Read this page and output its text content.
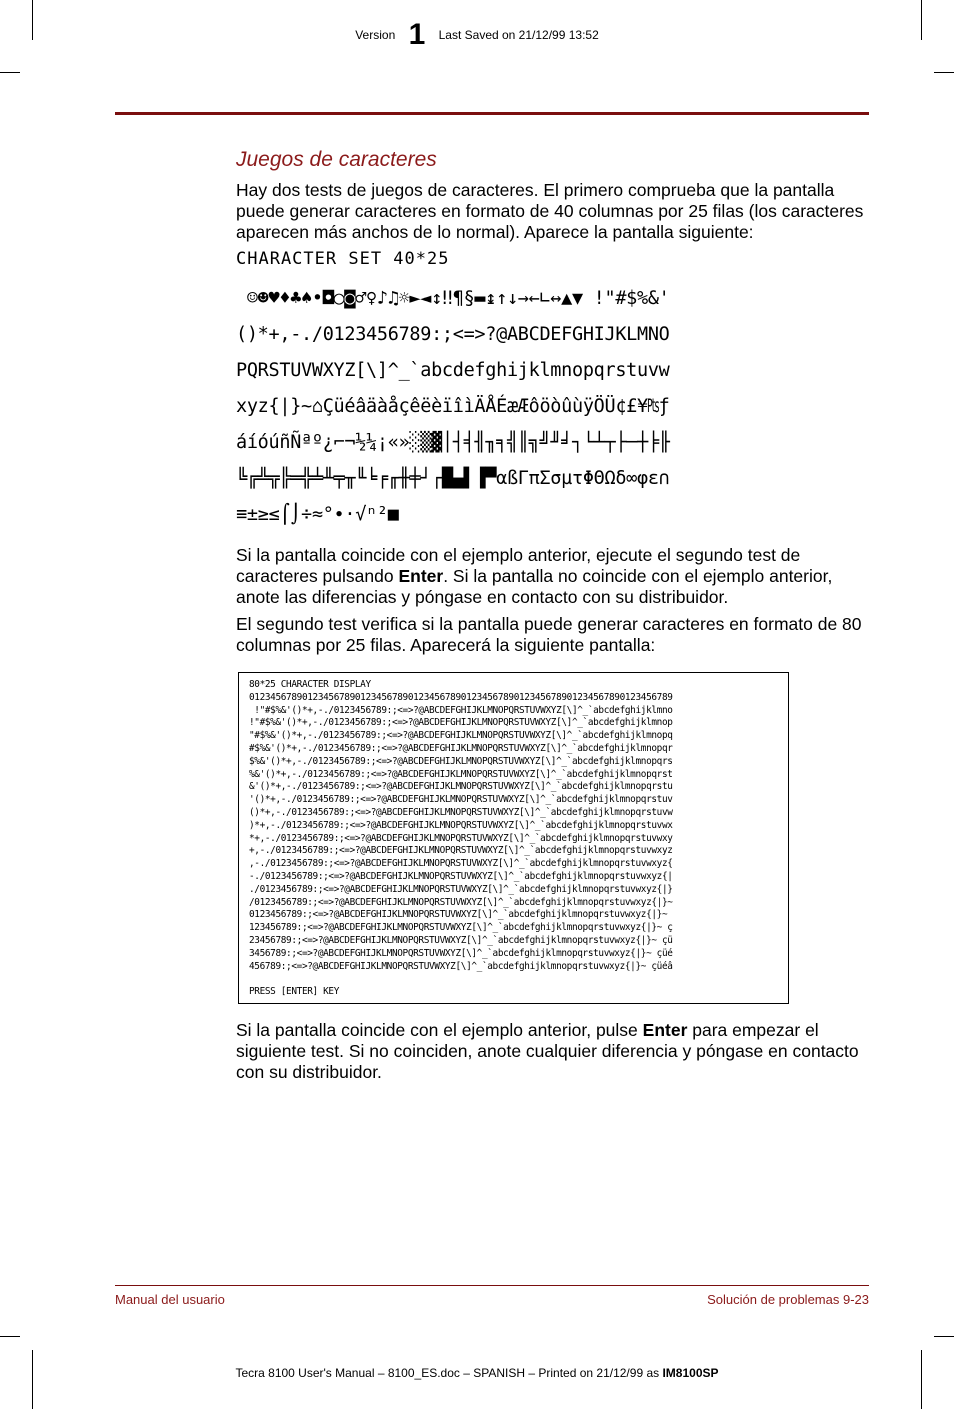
Version 1 Last Saved on 21/12/99 13:52
Juegos de caracteres

Hay dos tests de juegos de caracteres. El primero comprueba que la pantalla puede generar caracteres en formato de 40 columnas por 25 filas (los caracteres aparecen más anchos de lo normal). Aparece la pantalla siguiente:

CHARACTER SET 40*25
☺☻♥♦♣♠•◘○◙♂♀♪♫☼►◄↕‼¶§▬↨↑↓→←∟↔▲▼ !"#$%&'
()*+,-./0123456789:;<=>?@ABCDEFGHIJKLMNO
PQRSTUVWXYZ[\]^_`abcdefghijklmnopqrstuvw
xyz{|}~⌂ÇüéâäàåçêëèïîìÄÅÉæÆôöòûùÿÖÜ¢£¥₧ƒ
áíóúñÑªº¿⌐¬½¼¡«»░▒▓│┤╡╢╖╕╣║╗╝╜╛┐└┴┬├─┼╞╟
╚╔╩╦╠═╬╧╨╤╥╙╘╒╓╫╪┘┌█▄▌▐▀αßΓπΣσµτΦΘΩδ∞φε∩
≡±≥≤⌠⌡÷≈°∙·√ⁿ²■

Si la pantalla coincide con el ejemplo anterior, ejecute el segundo test de caracteres pulsando Enter. Si la pantalla no coincide con el ejemplo anterior, anote las diferencias y póngase en contacto con su distribuidor.

El segundo test verifica si la pantalla puede generar caracteres en formato de 80 columnas por 25 filas. Aparecerá la siguiente pantalla:

80*25 CHARACTER DISPLAY
01234567890123456789012345678901234567890123456789012345678901234567890123456789
!"#$%&'()*+,-./0123456789:;<=>?@ABCDEFGHIJKLMNOPQRSTUVWXYZ[\]^_`abcdefghijklmno
!"#$%&'()*+,-./0123456789:;<=>?@ABCDEFGHIJKLMNOPQRSTUVWXYZ[\]^_`abcdefghijklmnop
"#$%&'()*+,-./0123456789:;<=>?@ABCDEFGHIJKLMNOPQRSTUVWXYZ[\]^_`abcdefghijklmnopq
#$%&'()*+,-./0123456789:;<=>?@ABCDEFGHIJKLMNOPQRSTUVWXYZ[\]^_`abcdefghijklmnopqr
$%&'()*+,-./0123456789:;<=>?@ABCDEFGHIJKLMNOPQRSTUVWXYZ[\]^_`abcdefghijklmnopqrs
%&'()*+,-./0123456789:;<=>?@ABCDEFGHIJKLMNOPQRSTUVWXYZ[\]^_`abcdefghijklmnopqrst
&'()*+,-./0123456789:;<=>?@ABCDEFGHIJKLMNOPQRSTUVWXYZ[\]^_`abcdefghijklmnopqrstu
'()*+,-./0123456789:;<=>?@ABCDEFGHIJKLMNOPQRSTUVWXYZ[\]^_`abcdefghijklmnopqrstuv
()*+,-./0123456789:;<=>?@ABCDEFGHIJKLMNOPQRSTUVWXYZ[\]^_`abcdefghijklmnopqrstuvw
)*+,-./0123456789:;<=>?@ABCDEFGHIJKLMNOPQRSTUVWXYZ[\]^_`abcdefghijklmnopqrstuvwx
*+,-./0123456789:;<=>?@ABCDEFGHIJKLMNOPQRSTUVWXYZ[\]^_`abcdefghijklmnopqrstuvwxy
+,-./0123456789:;<=>?@ABCDEFGHIJKLMNOPQRSTUVWXYZ[\]^_`abcdefghijklmnopqrstuvwxyz
,-./0123456789:;<=>?@ABCDEFGHIJKLMNOPQRSTUVWXYZ[\]^_`abcdefghijklmnopqrstuvwxyz{
-./0123456789:;<=>?@ABCDEFGHIJKLMNOPQRSTUVWXYZ[\]^_`abcdefghijklmnopqrstuvwxyz{|
./0123456789:;<=>?@ABCDEFGHIJKLMNOPQRSTUVWXYZ[\]^_`abcdefghijklmnopqrstuvwxyz{|}
/0123456789:;<=>?@ABCDEFGHIJKLMNOPQRSTUVWXYZ[\]^_`abcdefghijklmnopqrstuvwxyz{|}~
0123456789:;<=>?@ABCDEFGHIJKLMNOPQRSTUVWXYZ[\]^_`abcdefghijklmnopqrstuvwxyz{|}~
123456789:;<=>?@ABCDEFGHIJKLMNOPQRSTUVWXYZ[\]^_`abcdefghijklmnopqrstuvwxyz{|}~ ç
23456789:;<=>?@ABCDEFGHIJKLMNOPQRSTUVWXYZ[\]^_`abcdefghijklmnopqrstuvwxyz{|}~ çü
3456789:;<=>?@ABCDEFGHIJKLMNOPQRSTUVWXYZ[\]^_`abcdefghijklmnopqrstuvwxyz{|}~ çüé
456789:;<=>?@ABCDEFGHIJKLMNOPQRSTUVWXYZ[\]^_`abcdefghijklmnopqrstuvwxyz{|}~ çüéâ
PRESS [ENTER] KEY

Si la pantalla coincide con el ejemplo anterior, pulse Enter para empezar el siguiente test. Si no coinciden, anote cualquier diferencia y póngase en contacto con su distribuidor.

Manual del usuario	Solución de problemas 9-23
Tecra 8100 User's Manual – 8100_ES.doc – SPANISH – Printed on 21/12/99 as IM8100SP
